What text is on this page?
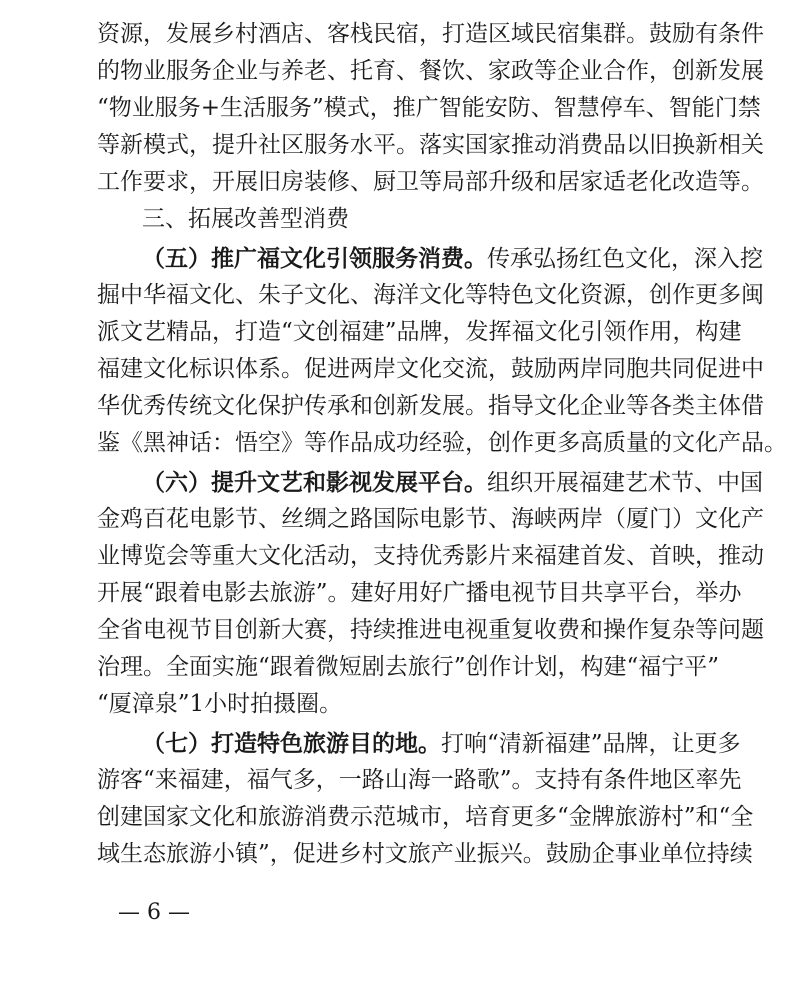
资源，发展乡村酒店、客栈民宿，打造区域民宿集群。鼓励有条件
的物业服务企业与养老、托育、餐饮、家政等企业合作，创新发展
“物业服务+生活服务”模式，推广智能安防、智慧停车、智能门禁
等新模式，提升社区服务水平。落实国家推动消费品以旧换新相关
工作要求，开展旧房装修、厨卫等局部升级和居家适老化改造等。
三、拓展改善型消费
（五）推广福文化引领服务消费。传承弘扬红色文化，深入挖
掘中华福文化、朱子文化、海洋文化等特色文化资源，创作更多闽
派文艺精品，打造“文创福建”品牌，发挥福文化引领作用，构建
福建文化标识体系。促进两岸文化交流，鼓励两岸同胞共同促进中
华优秀传统文化保护传承和创新发展。指导文化企业等各类主体借
鉴《黑神话：悟空》等作品成功经验，创作更多高质量的文化产品。
（六）提升文艺和影视发展平台。组织开展福建艺术节、中国
金鸡百花电影节、丝绸之路国际电影节、海峡两岸（厦门）文化产
业博览会等重大文化活动，支持优秀影片来福建首发、首映，推动
开展“跟着电影去旅游”。建好用好广播电视节目共享平台，举办
全省电视节目创新大赛，持续推进电视重复收费和操作复杂等问题
治理。全面实施“跟着微短剧去旅行”创作计划，构建“福宁平”
“厦漳泉”1小时拍摄圈。
（七）打造特色旅游目的地。打响“清新福建”品牌，让更多
游客“来福建，福气多，一路山海一路歌”。支持有条件地区率先
创建国家文化和旅游消费示范城市，培育更多“金牌旅游村”和“全
域生态旅游小镇”，促进乡村文旅产业振兴。鼓励企事业单位持续
— 6 —
